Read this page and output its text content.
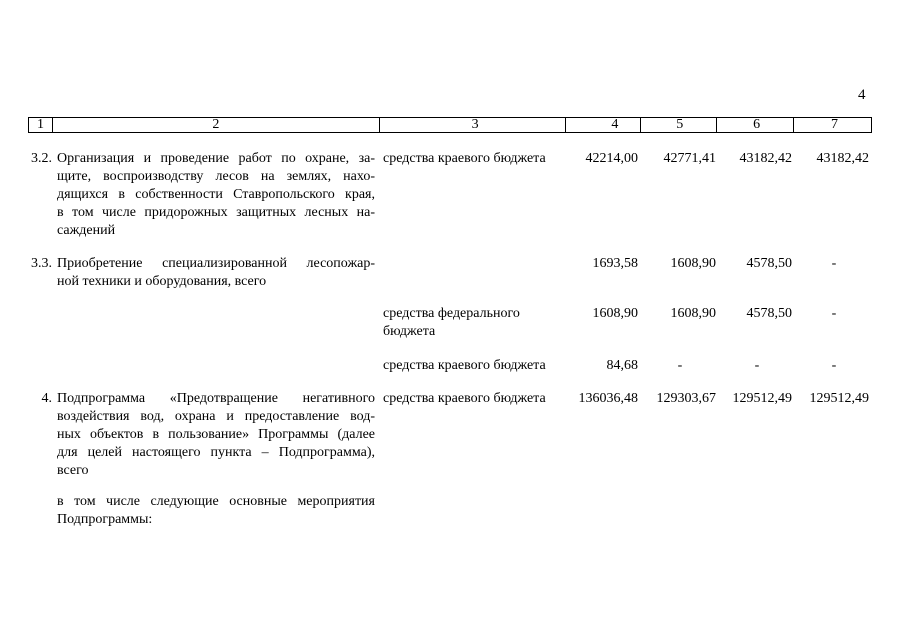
4
1	2	3	4	5	6	7
3.2. Организация и проведение работ по охране, за-
щите, воспроизводству лесов на землях, нахо-
дящихся в собственности Ставропольского края,
в том числе придорожных защитных лесных на-
саждений
средства краевого бюджета	42214,00	42771,41	43182,42	43182,42
3.3. Приобретение специализированной лесопожар-
ной техники и оборудования, всего
1693,58	1608,90	4578,50	-
средства федерального
бюджета
1608,90	1608,90	4578,50	-
средства краевого бюджета	84,68	-	-	-
4. Подпрограмма «Предотвращение негативного
воздействия вод, охрана и предоставление вод-
ных объектов в пользование» Программы (далее
для целей настоящего пункта – Подпрограмма),
всего
средства краевого бюджета	136036,48	129303,67	129512,49	129512,49
в том числе следующие основные мероприятия
Подпрограммы:
